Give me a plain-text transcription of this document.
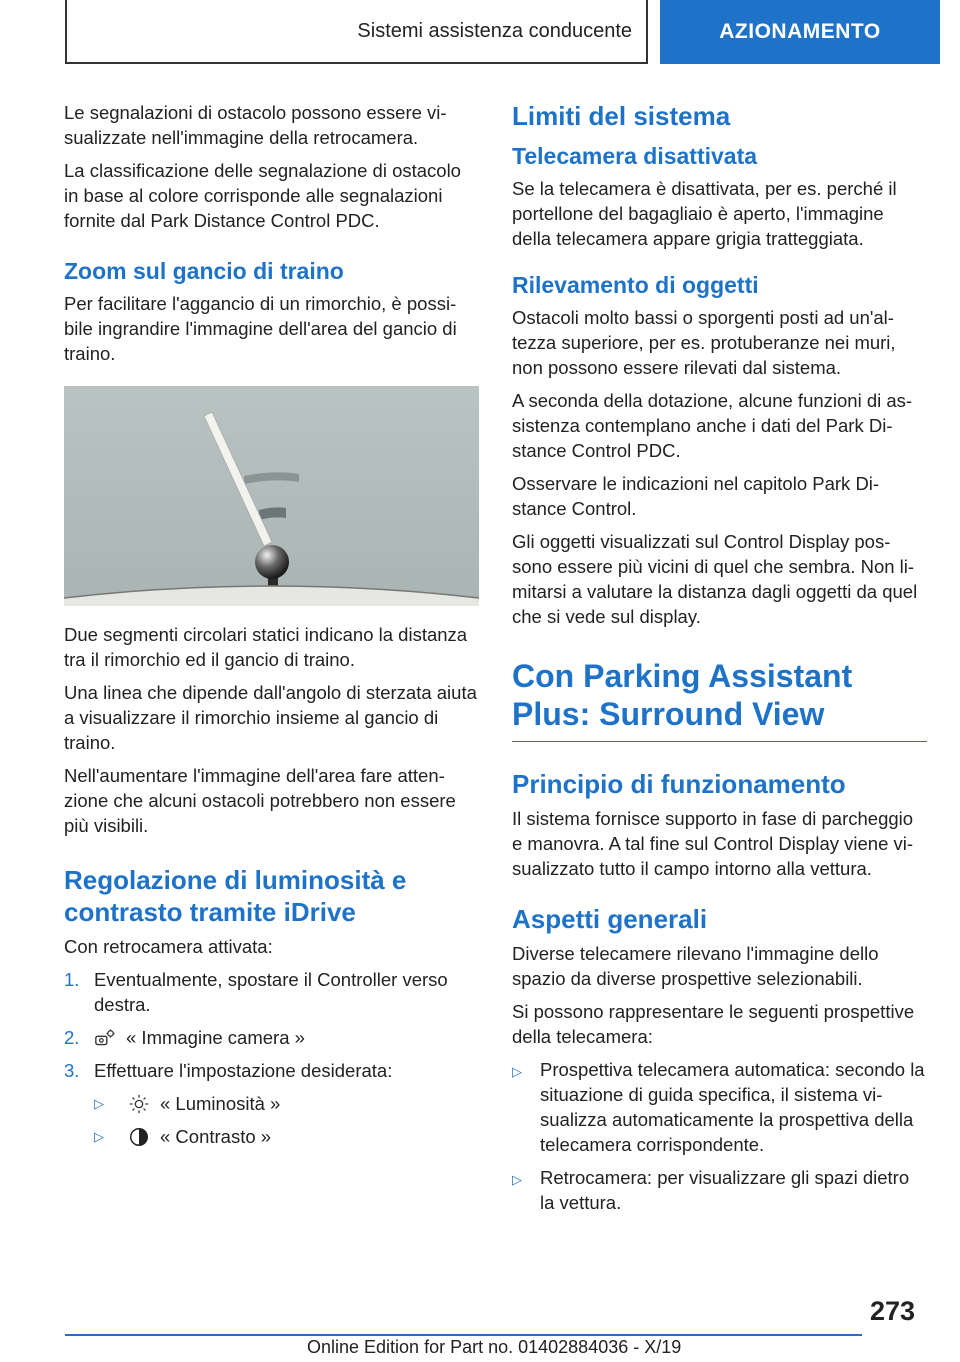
Sistemi assistenza conducente	AZIONAMENTO

Le segnalazioni di ostacolo possono essere vi-sualizzate nell'immagine della retrocamera.

La classificazione delle segnalazione di ostacolo in base al colore corrisponde alle segnalazioni fornite dal Park Distance Control PDC.

Zoom sul gancio di traino

Per facilitare l'aggancio di un rimorchio, è possi-bile ingrandire l'immagine dell'area del gancio di traino.

Due segmenti circolari statici indicano la distanza tra il rimorchio ed il gancio di traino.

Una linea che dipende dall'angolo di sterzata aiuta a visualizzare il rimorchio insieme al gancio di traino.

Nell'aumentare l'immagine dell'area fare atten-zione che alcuni ostacoli potrebbero non essere più visibili.

Regolazione di luminosità e contrasto tramite iDrive

Con retrocamera attivata:

1. Eventualmente, spostare il Controller verso destra.
2.	« Immagine camera »
3. Effettuare l'impostazione desiderata:
▷	« Luminosità »
▷	« Contrasto »
Limiti del sistema
Telecamera disattivata

Se la telecamera è disattivata, per es. perché il portellone del bagagliaio è aperto, l'immagine della telecamera appare grigia tratteggiata.

Rilevamento di oggetti

Ostacoli molto bassi o sporgenti posti ad un'al-tezza superiore, per es. protuberanze nei muri, non possono essere rilevati dal sistema.

A seconda della dotazione, alcune funzioni di as-sistenza contemplano anche i dati del Park Di-stance Control PDC.

Osservare le indicazioni nel capitolo Park Di-stance Control.

Gli oggetti visualizzati sul Control Display pos-sono essere più vicini di quel che sembra. Non li-mitarsi a valutare la distanza dagli oggetti da quel che si vede sul display.

Con Parking Assistant Plus: Surround View
Principio di funzionamento

Il sistema fornisce supporto in fase di parcheggio e manovra. A tal fine sul Control Display viene vi-sualizzato tutto il campo intorno alla vettura.

Aspetti generali

Diverse telecamere rilevano l'immagine dello spazio da diverse prospettive selezionabili.

Si possono rappresentare le seguenti prospettive della telecamera:

▷ Prospettiva telecamera automatica: secondo la situazione di guida specifica, il sistema vi-sualizza automaticamente la prospettiva della telecamera corrispondente.
▷ Retrocamera: per visualizzare gli spazi dietro la vettura.
273
Online Edition for Part no. 01402884036 - X/19
